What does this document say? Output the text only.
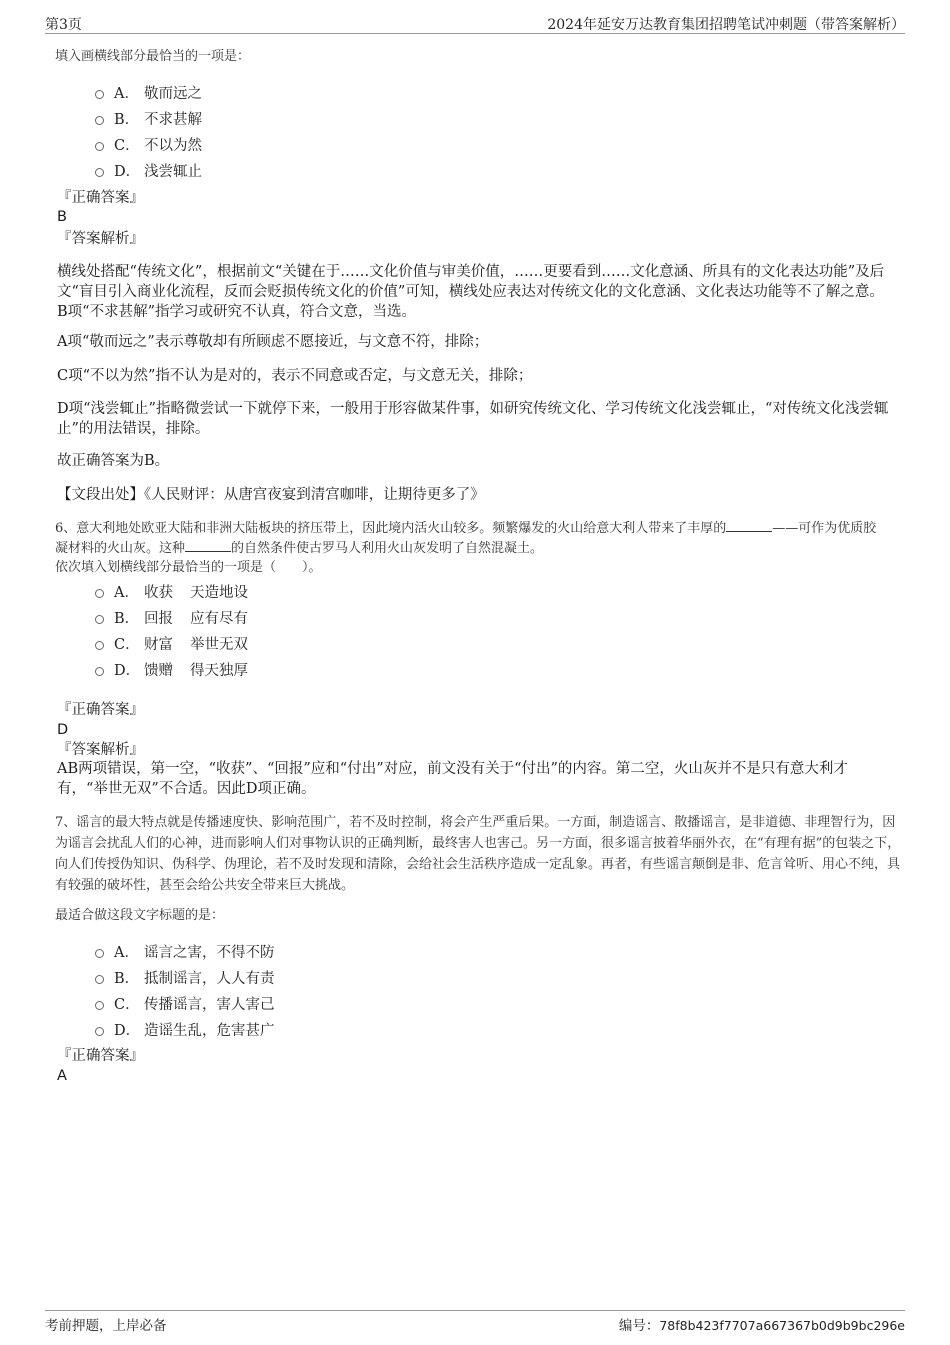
第3页	2024年延安万达教育集团招聘笔试冲刺题（带答案解析）
填入画横线部分最恰当的一项是：
A． 敬而远之
B． 不求甚解
C． 不以为然
D． 浅尝辄止
『正确答案』
B
『答案解析』
横线处搭配“传统文化”，根据前文“关键在于……文化价值与审美价值，……更要看到……文化意涵、所具有的文化表达功能”及后文“盲目引入商业化流程，反而会贬损传统文化的价值”可知，横线处应表达对传统文化的文化意涵、文化表达功能等不了解之意。B项“不求甚解”指学习或研究不认真，符合文意，当选。
A项“敬而远之”表示尊敬却有所顾虑不愿接近，与文意不符，排除；
C项“不以为然”指不认为是对的，表示不同意或否定，与文意无关，排除；
D项“浅尝辄止”指略微尝试一下就停下来，一般用于形容做某件事，如研究传统文化、学习传统文化浅尝辄止，“对传统文化浅尝辄止”的用法错误，排除。
故正确答案为B。
【文段出处】《人民财评：从唐宫夜宴到清宫咖啡，让期待更多了》
6、意大利地处欧亚大陆和非洲大陆板块的挤压带上，因此境内活火山较多。频繁爆发的火山给意大利人带来了丰厚的	——可作为优质胶
凝材料的火山灰。这种	的自然条件使古罗马人利用火山灰发明了自然混凝土。
依次填入划横线部分最恰当的一项是（　　）。
A． 收获	天造地设
B． 回报	应有尽有
C． 财富	举世无双
D． 馈赠	得天独厚
『正确答案』
D
『答案解析』
AB两项错误，第一空，“收获”、“回报”应和“付出”对应，前文没有关于“付出”的内容。第二空，火山灰并不是只有意大利才有，“举世无双”不合适。因此D项正确。
7、谣言的最大特点就是传播速度快、影响范围广，若不及时控制，将会产生严重后果。一方面，制造谣言、散播谣言，是非道德、非理智行为，因为谣言会扰乱人们的心神，进而影响人们对事物认识的正确判断，最终害人也害己。另一方面，很多谣言披着华丽外衣，在“有理有据”的包装之下，向人们传授伪知识、伪科学、伪理论，若不及时发现和清除，会给社会生活秩序造成一定乱象。再者，有些谣言颠倒是非、危言耸听、用心不纯，具有较强的破坏性，甚至会给公共安全带来巨大挑战。
最适合做这段文字标题的是：
A． 谣言之害，不得不防
B． 抵制谣言，人人有责
C． 传播谣言，害人害己
D． 造谣生乱，危害甚广
『正确答案』
A
考前押题，上岸必备	编号：78f8b423f7707a667367b0d9b9bc296e
